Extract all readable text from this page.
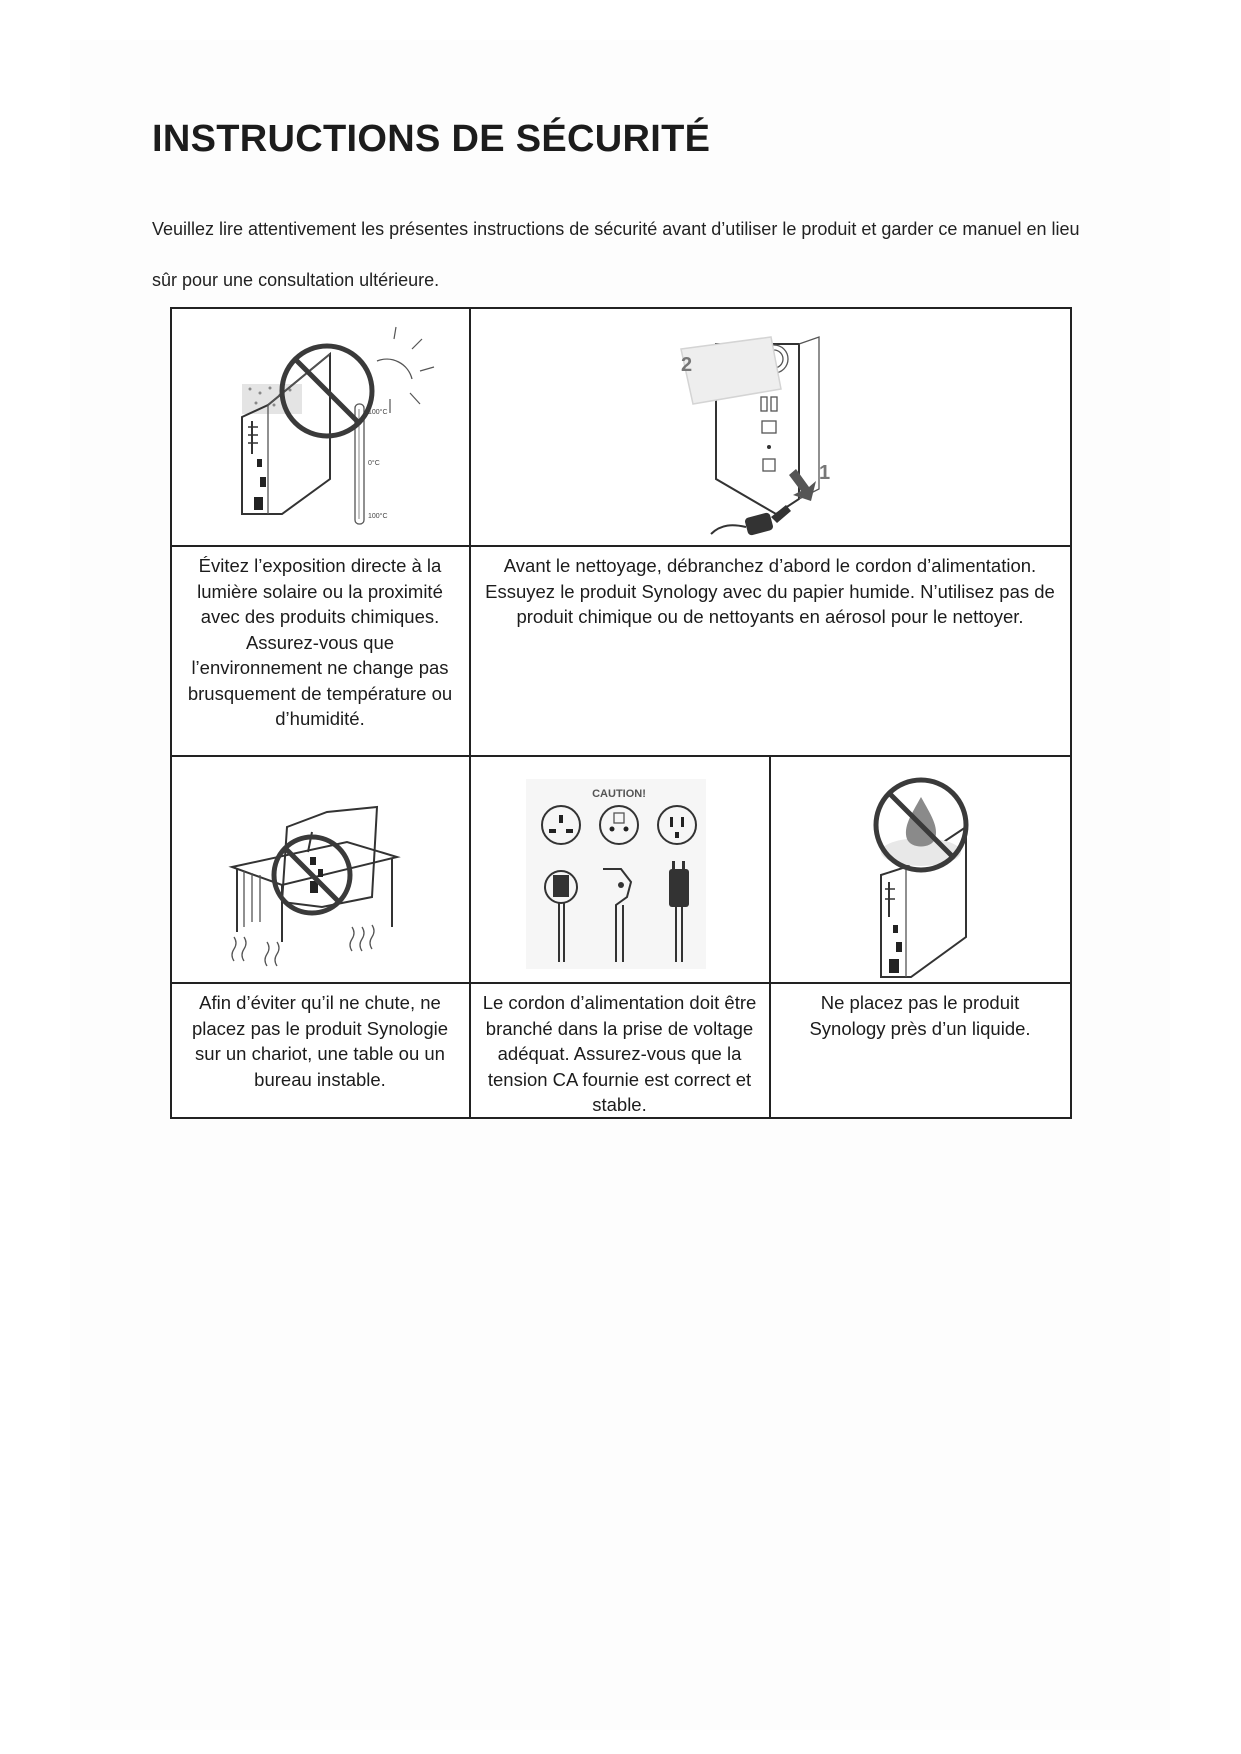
INSTRUCTIONS DE SÉCURITÉ

Veuillez lire attentivement les présentes instructions de sécurité avant d’utiliser le produit et garder ce manuel en lieu sûr pour une consultation ultérieure.

100°C
0°C
100°C
2
1
Évitez l’exposition directe à la lumière solaire ou la proximité avec des produits chimiques. Assurez-vous que l’environnement ne change pas brusquement de température ou d’humidité.
Avant le nettoyage, débranchez d’abord le cordon d’alimentation. Essuyez le produit Synology avec du papier humide. N’utilisez pas de produit chimique ou de nettoyants en aérosol pour le nettoyer.
CAUTION!
Afin d’éviter qu’il ne chute, ne placez pas le produit Synologie sur un chariot, une table ou un bureau instable.
Le cordon d’alimentation doit être branché dans la prise de voltage adéquat. Assurez-vous que la tension CA fournie est correct et stable.
Ne placez pas le produit Synology près d’un liquide.
